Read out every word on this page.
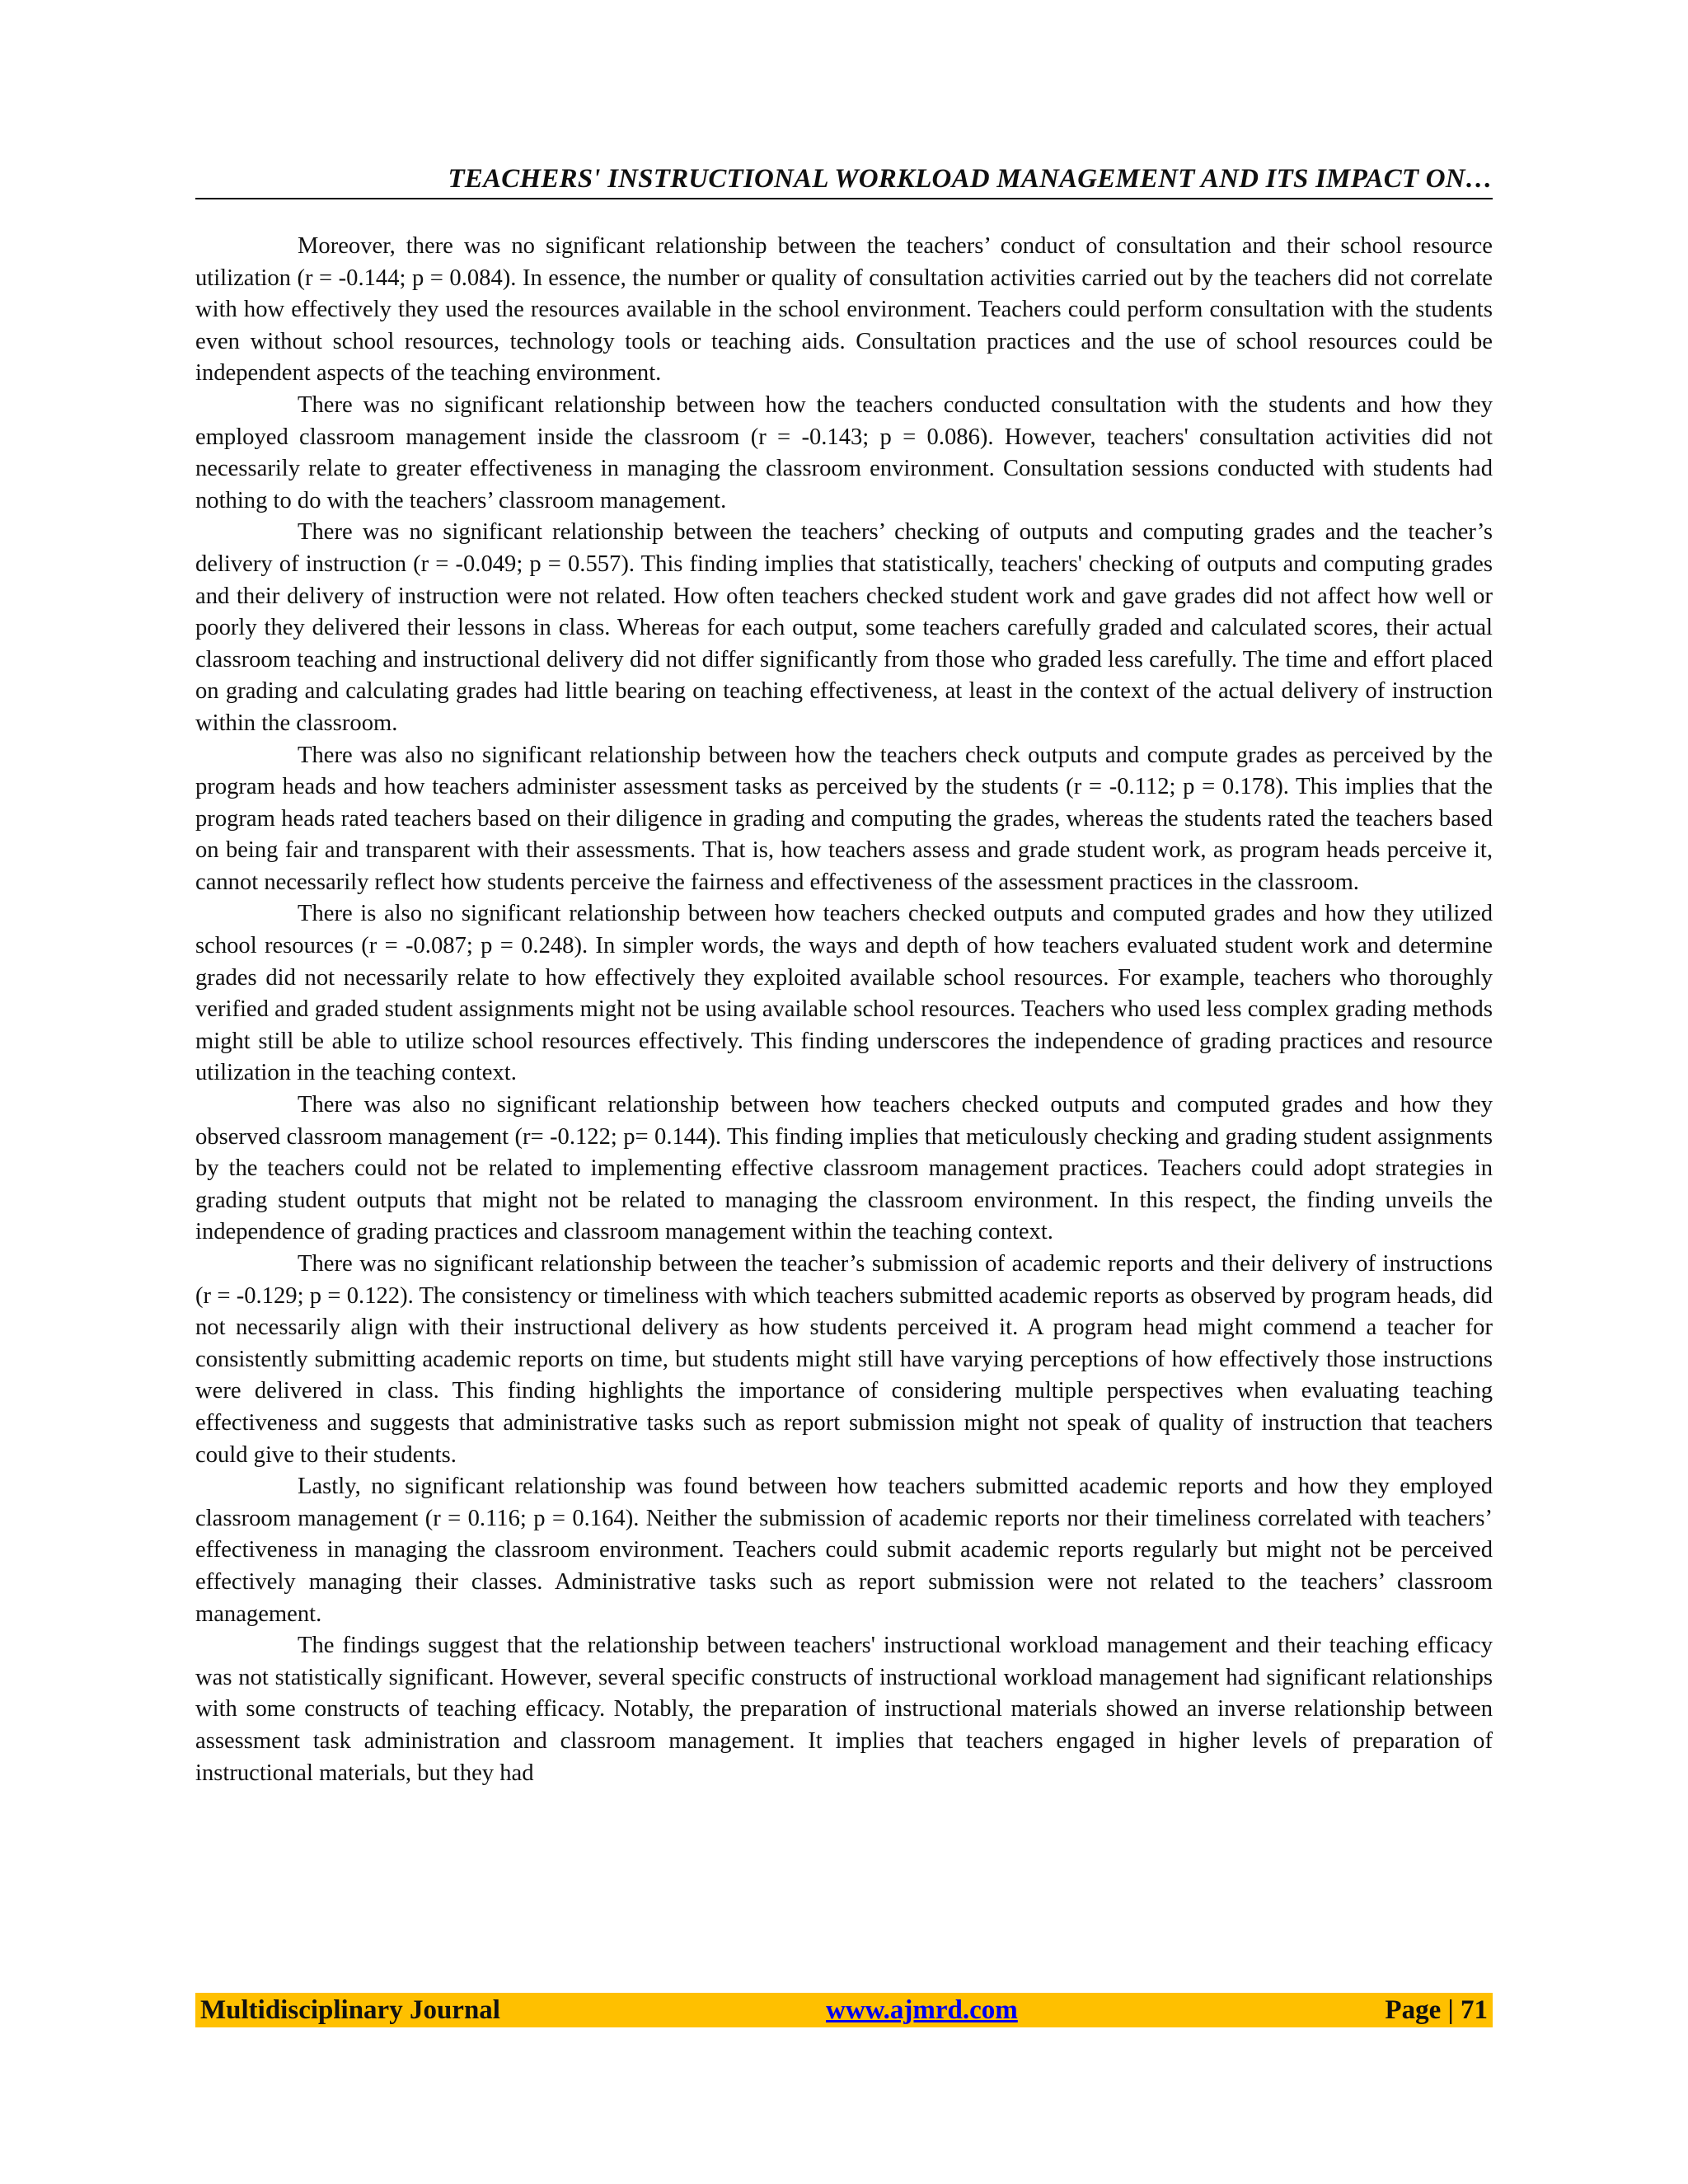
TEACHERS' INSTRUCTIONAL WORKLOAD MANAGEMENT AND ITS IMPACT ON…

Moreover, there was no significant relationship between the teachers’ conduct of consultation and their school resource utilization (r = -0.144; p = 0.084). In essence, the number or quality of consultation activities carried out by the teachers did not correlate with how effectively they used the resources available in the school environment. Teachers could perform consultation with the students even without school resources, technology tools or teaching aids. Consultation practices and the use of school resources could be independent aspects of the teaching environment.

There was no significant relationship between how the teachers conducted consultation with the students and how they employed classroom management inside the classroom (r = -0.143; p = 0.086). However, teachers' consultation activities did not necessarily relate to greater effectiveness in managing the classroom environment. Consultation sessions conducted with students had nothing to do with the teachers’ classroom management.

There was no significant relationship between the teachers’ checking of outputs and computing grades and the teacher’s delivery of instruction (r = -0.049; p = 0.557). This finding implies that statistically, teachers' checking of outputs and computing grades and their delivery of instruction were not related. How often teachers checked student work and gave grades did not affect how well or poorly they delivered their lessons in class. Whereas for each output, some teachers carefully graded and calculated scores, their actual classroom teaching and instructional delivery did not differ significantly from those who graded less carefully. The time and effort placed on grading and calculating grades had little bearing on teaching effectiveness, at least in the context of the actual delivery of instruction within the classroom.

There was also no significant relationship between how the teachers check outputs and compute grades as perceived by the program heads and how teachers administer assessment tasks as perceived by the students (r = -0.112; p = 0.178). This implies that the program heads rated teachers based on their diligence in grading and computing the grades, whereas the students rated the teachers based on being fair and transparent with their assessments. That is, how teachers assess and grade student work, as program heads perceive it, cannot necessarily reflect how students perceive the fairness and effectiveness of the assessment practices in the classroom.

There is also no significant relationship between how teachers checked outputs and computed grades and how they utilized school resources (r = -0.087; p = 0.248). In simpler words, the ways and depth of how teachers evaluated student work and determine grades did not necessarily relate to how effectively they exploited available school resources. For example, teachers who thoroughly verified and graded student assignments might not be using available school resources. Teachers who used less complex grading methods might still be able to utilize school resources effectively. This finding underscores the independence of grading practices and resource utilization in the teaching context.

There was also no significant relationship between how teachers checked outputs and computed grades and how they observed classroom management (r= -0.122; p= 0.144). This finding implies that meticulously checking and grading student assignments by the teachers could not be related to implementing effective classroom management practices. Teachers could adopt strategies in grading student outputs that might not be related to managing the classroom environment. In this respect, the finding unveils the independence of grading practices and classroom management within the teaching context.

There was no significant relationship between the teacher’s submission of academic reports and their delivery of instructions (r = -0.129; p = 0.122). The consistency or timeliness with which teachers submitted academic reports as observed by program heads, did not necessarily align with their instructional delivery as how students perceived it. A program head might commend a teacher for consistently submitting academic reports on time, but students might still have varying perceptions of how effectively those instructions were delivered in class. This finding highlights the importance of considering multiple perspectives when evaluating teaching effectiveness and suggests that administrative tasks such as report submission might not speak of quality of instruction that teachers could give to their students.

Lastly, no significant relationship was found between how teachers submitted academic reports and how they employed classroom management (r = 0.116; p = 0.164). Neither the submission of academic reports nor their timeliness correlated with teachers’ effectiveness in managing the classroom environment. Teachers could submit academic reports regularly but might not be perceived effectively managing their classes. Administrative tasks such as report submission were not related to the teachers’ classroom management.

The findings suggest that the relationship between teachers' instructional workload management and their teaching efficacy was not statistically significant. However, several specific constructs of instructional workload management had significant relationships with some constructs of teaching efficacy. Notably, the preparation of instructional materials showed an inverse relationship between assessment task administration and classroom management. It implies that teachers engaged in higher levels of preparation of instructional materials, but they had

Multidisciplinary Journal	www.ajmrd.com	Page | 71
